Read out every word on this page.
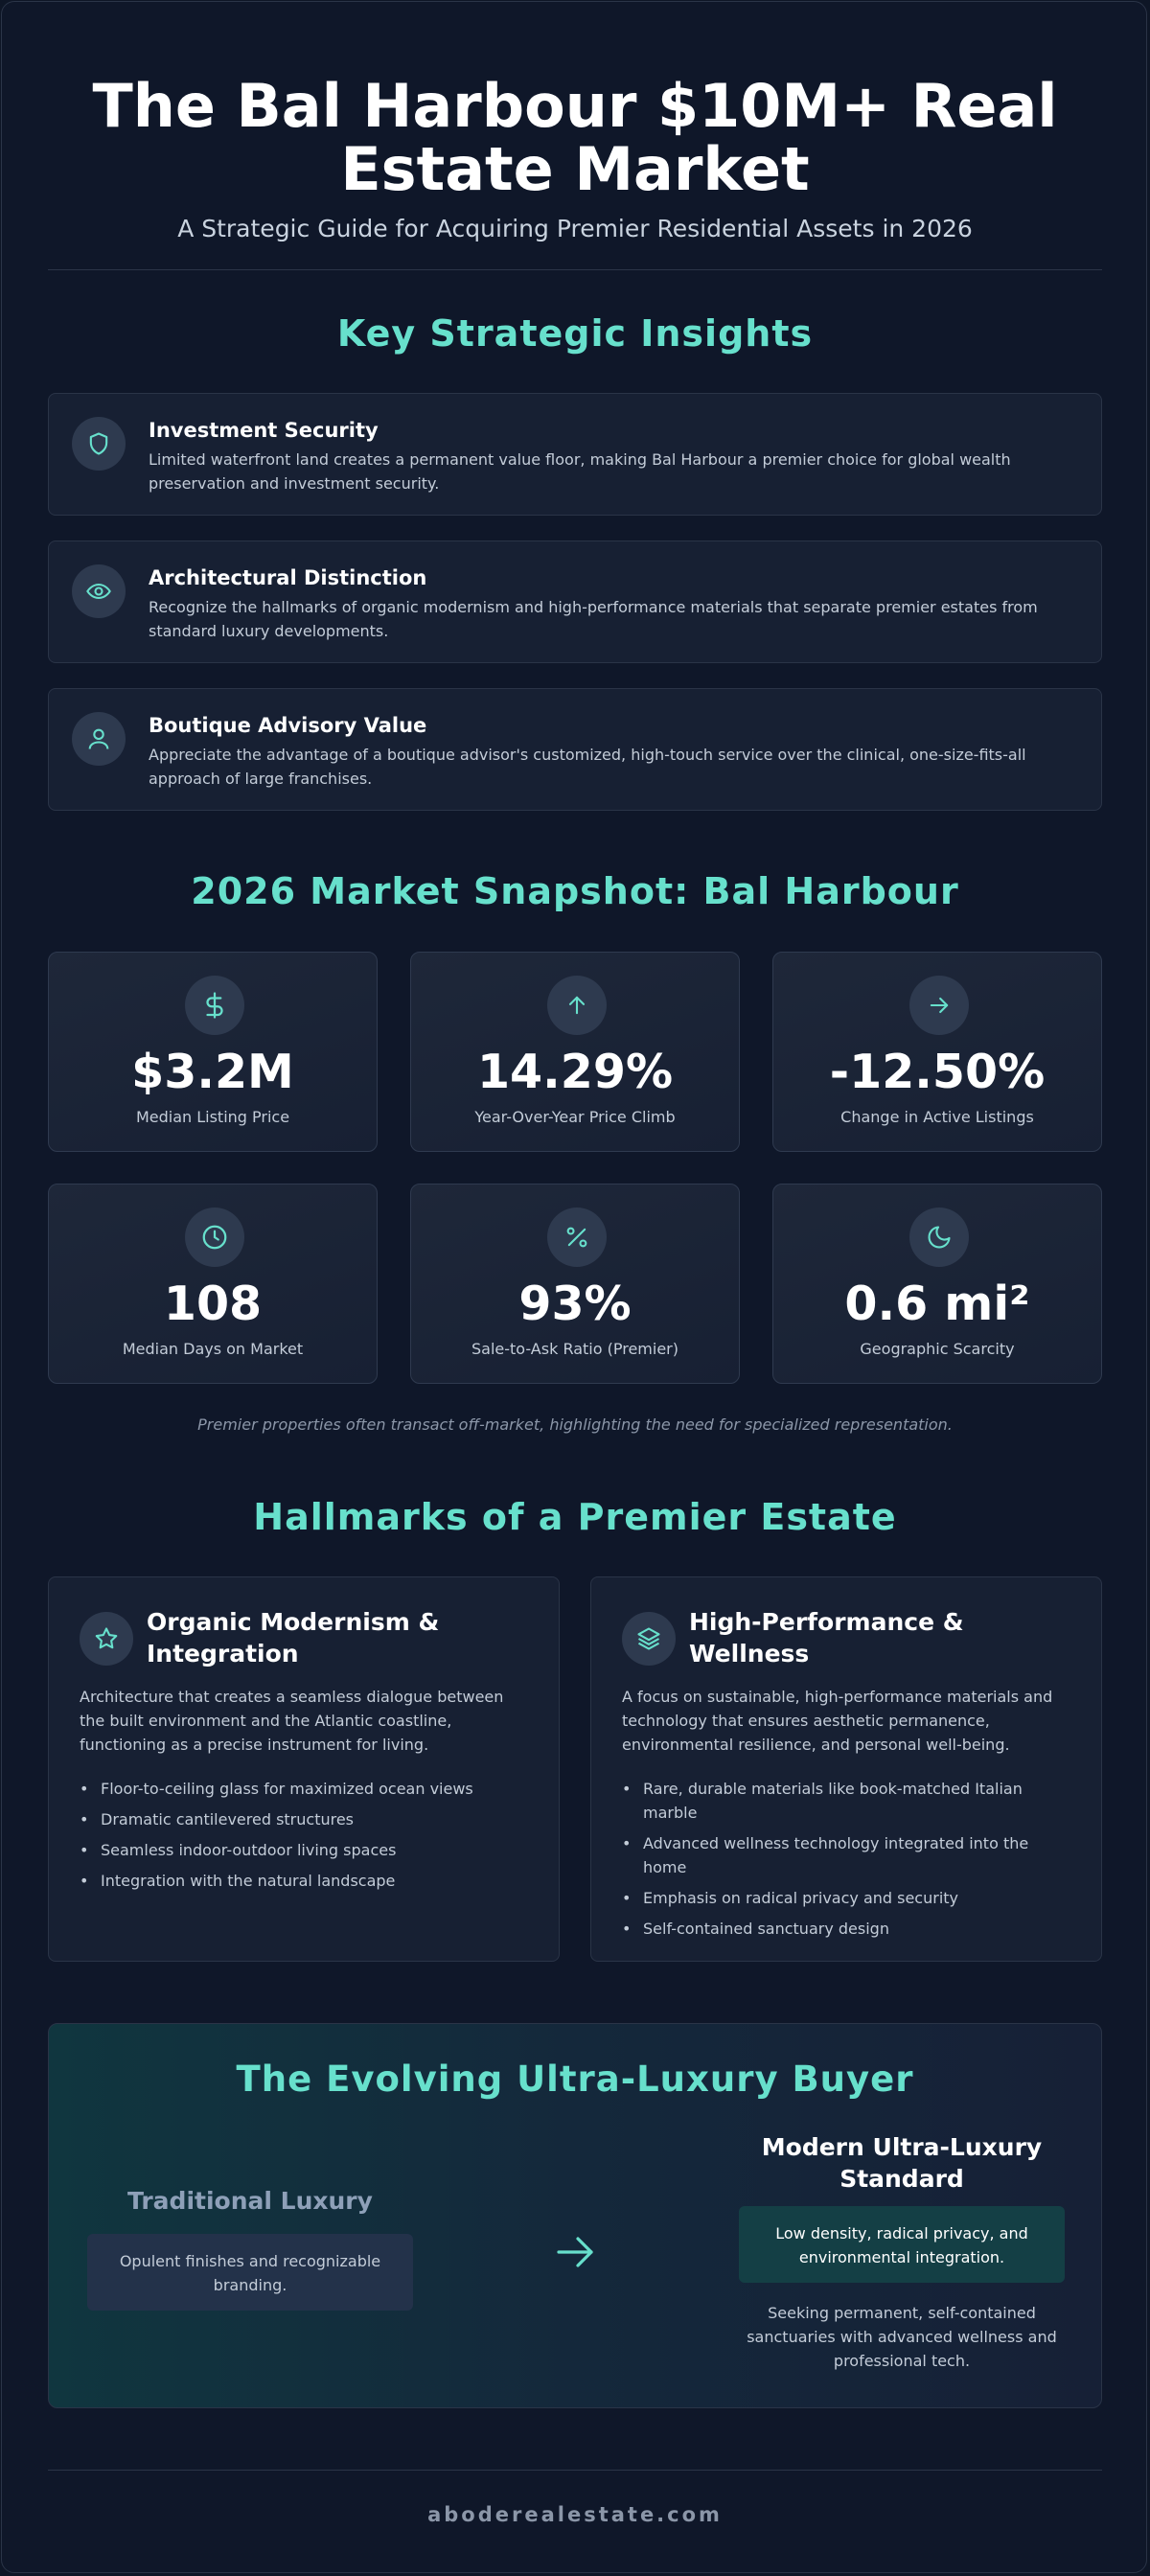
The Bal Harbour $10M+ Real Estate Market
A Strategic Guide for Acquiring Premier Residential Assets in 2026
Key Strategic Insights
Investment Security
Limited waterfront land creates a permanent value floor, making Bal Harbour a premier choice for global wealth preservation and investment security.
Architectural Distinction
Recognize the hallmarks of organic modernism and high-performance materials that separate premier estates from standard luxury developments.
Boutique Advisory Value
Appreciate the advantage of a boutique advisor's customized, high-touch service over the clinical, one-size-fits-all approach of large franchises.
2026 Market Snapshot: Bal Harbour
$3.2M
Median Listing Price
14.29%
Year-Over-Year Price Climb
-12.50%
Change in Active Listings
108
Median Days on Market
93%
Sale-to-Ask Ratio (Premier)
0.6 mi²
Geographic Scarcity
Premier properties often transact off-market, highlighting the need for specialized representation.
Hallmarks of a Premier Estate
Organic Modernism & Integration
Architecture that creates a seamless dialogue between the built environment and the Atlantic coastline, functioning as a precise instrument for living.
• Floor-to-ceiling glass for maximized ocean views
• Dramatic cantilevered structures
• Seamless indoor-outdoor living spaces
• Integration with the natural landscape
High-Performance & Wellness
A focus on sustainable, high-performance materials and technology that ensures aesthetic permanence, environmental resilience, and personal well-being.
• Rare, durable materials like book-matched Italian marble
• Advanced wellness technology integrated into the home
• Emphasis on radical privacy and security
• Self-contained sanctuary design
The Evolving Ultra-Luxury Buyer
Traditional Luxury
Opulent finishes and recognizable branding.
Modern Ultra-Luxury Standard
Low density, radical privacy, and environmental integration.
Seeking permanent, self-contained sanctuaries with advanced wellness and professional tech.
aboderealestate.com
